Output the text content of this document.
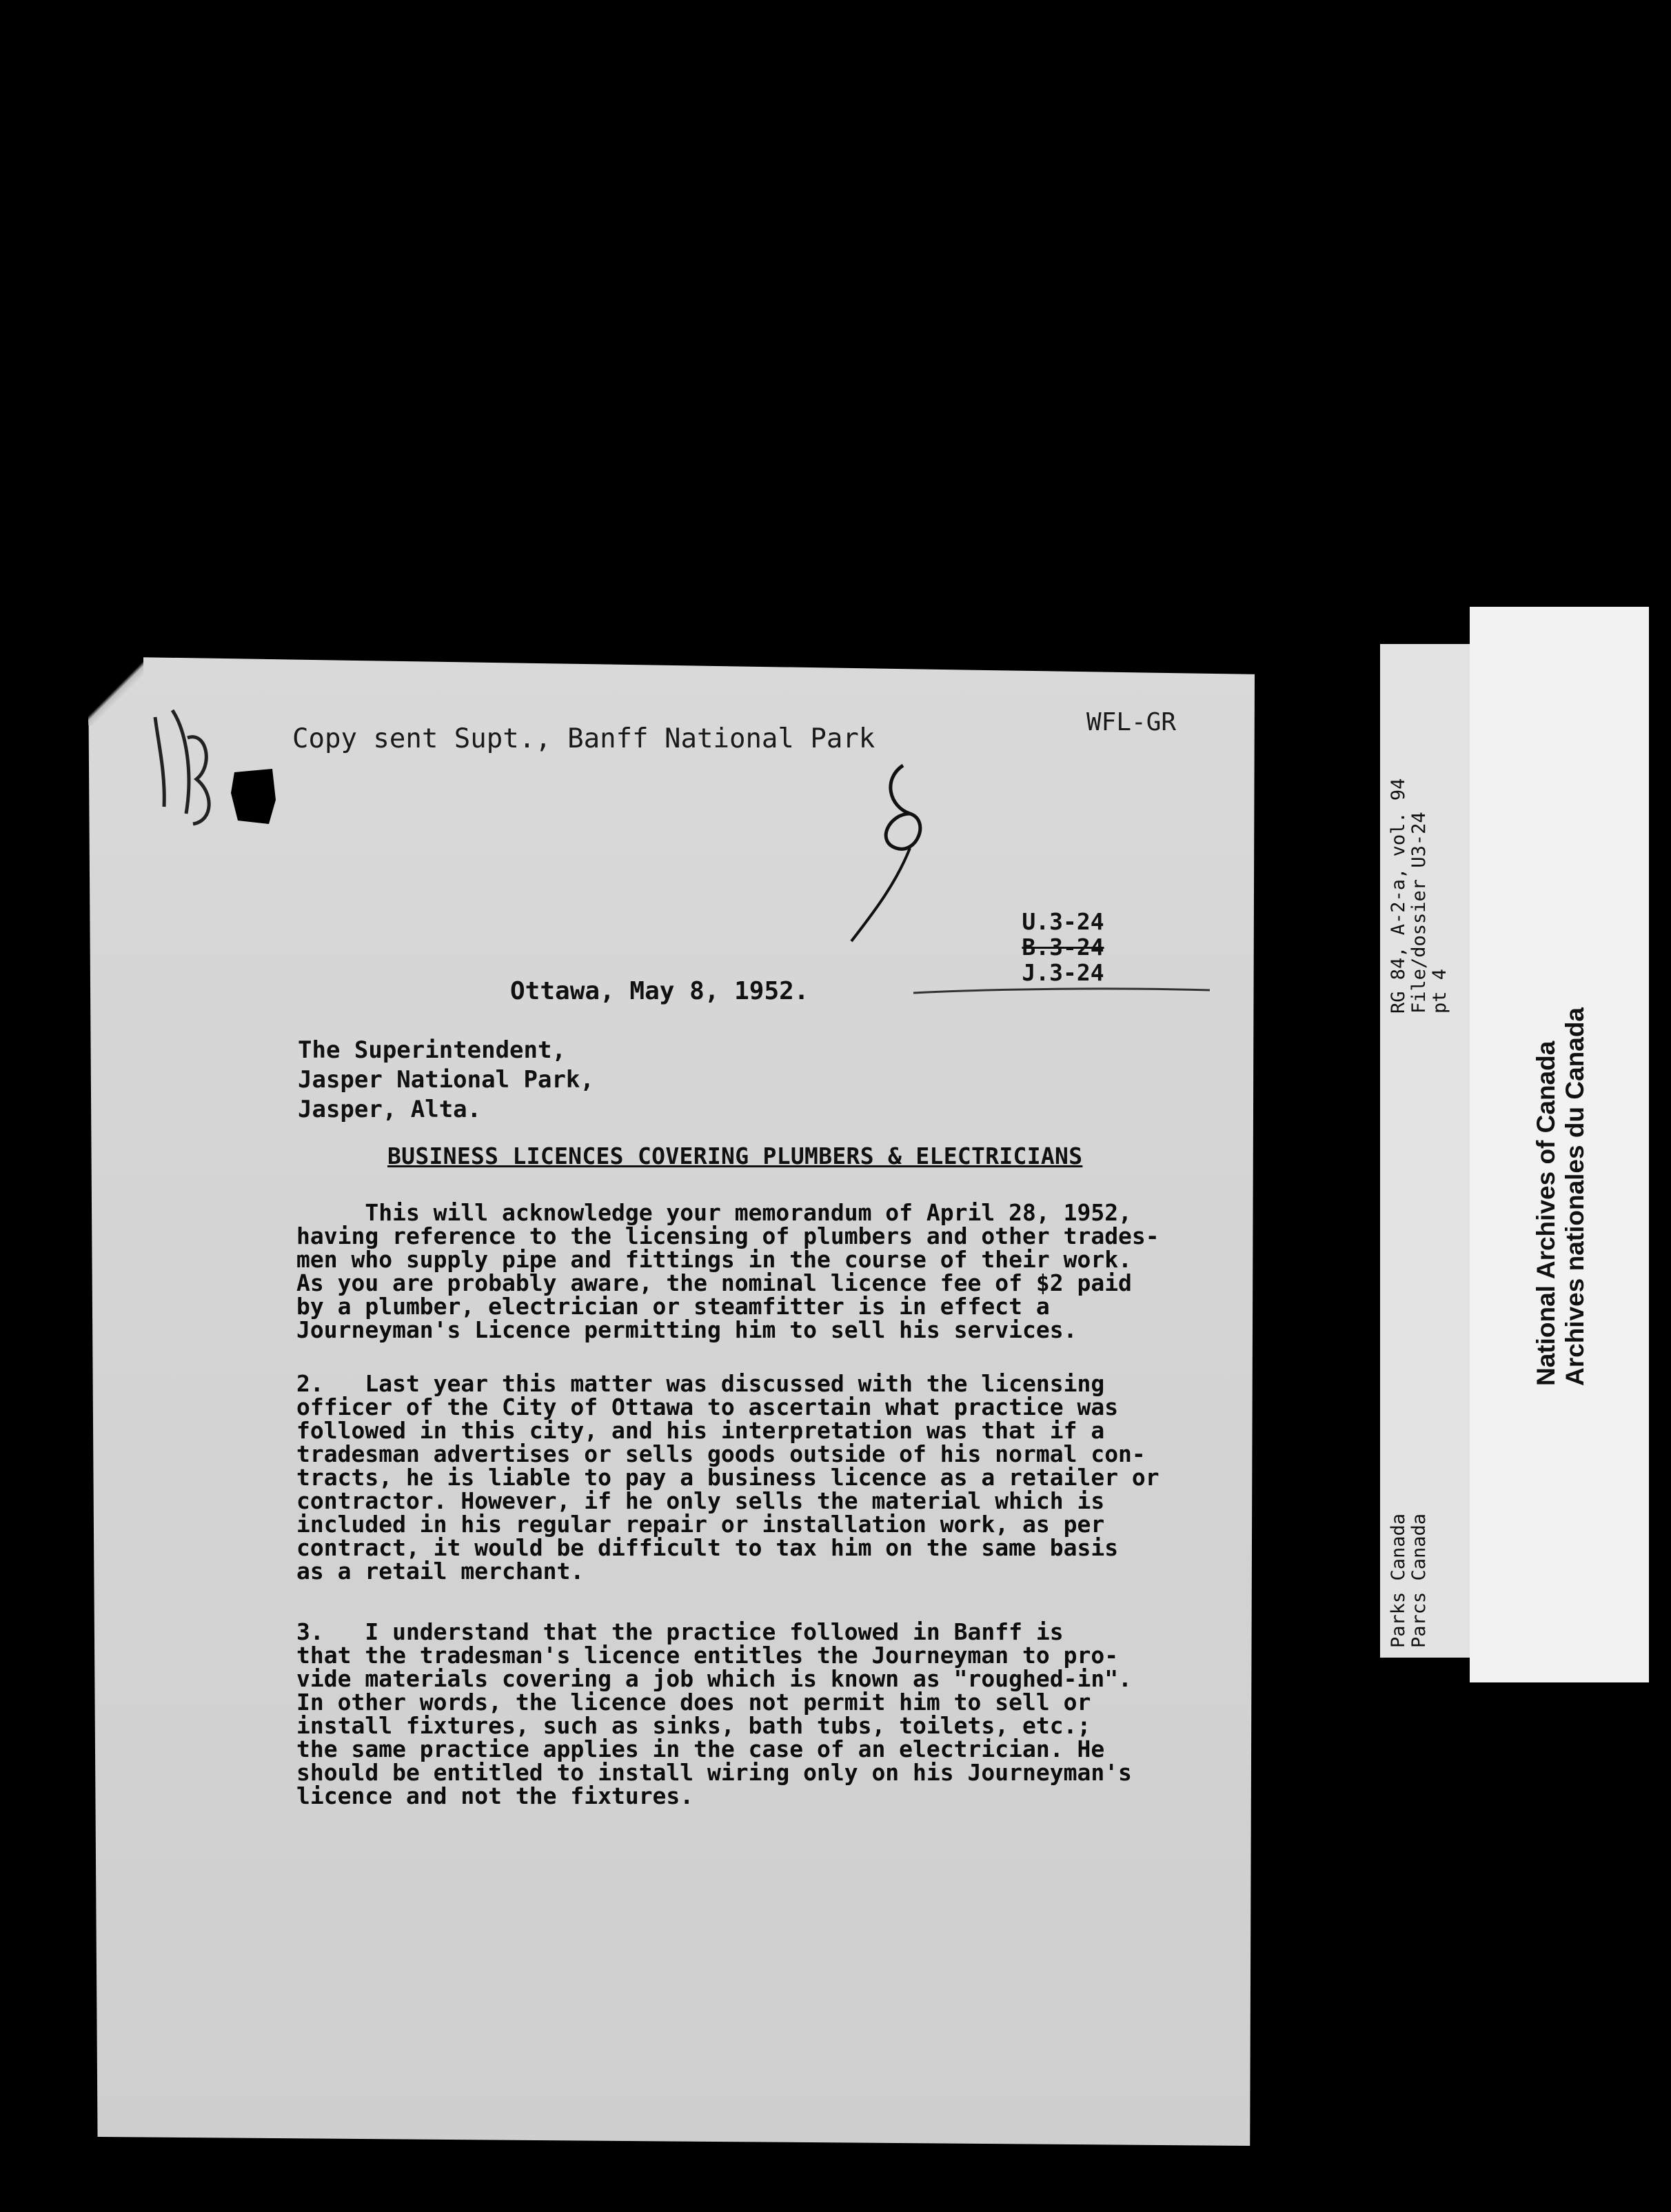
Copy sent Supt., Banff National Park
WFL-GR
U.3-24
B.3-24
J.3-24
Ottawa, May 8, 1952.
The Superintendent,
Jasper National Park,
Jasper, Alta.
BUSINESS LICENCES COVERING PLUMBERS & ELECTRICIANS
This will acknowledge your memorandum of April 28, 1952,
having reference to the licensing of plumbers and other trades-
men who supply pipe and fittings in the course of their work.
As you are probably aware, the nominal licence fee of $2 paid
by a plumber, electrician or steamfitter is in effect a
Journeyman's Licence permitting him to sell his services.
2.   Last year this matter was discussed with the licensing
officer of the City of Ottawa to ascertain what practice was
followed in this city, and his interpretation was that if a
tradesman advertises or sells goods outside of his normal con-
tracts, he is liable to pay a business licence as a retailer or
contractor. However, if he only sells the material which is
included in his regular repair or installation work, as per
contract, it would be difficult to tax him on the same basis
as a retail merchant.
3.   I understand that the practice followed in Banff is
that the tradesman's licence entitles the Journeyman to pro-
vide materials covering a job which is known as "roughed-in".
In other words, the licence does not permit him to sell or
install fixtures, such as sinks, bath tubs, toilets, etc.;
the same practice applies in the case of an electrician. He
should be entitled to install wiring only on his Journeyman's
licence and not the fixtures.
RG 84, A-2-a, vol. 94 File/dossier U3-24 pt 4
Parks Canada Parcs Canada
National Archives of Canada Archives nationales du Canada
